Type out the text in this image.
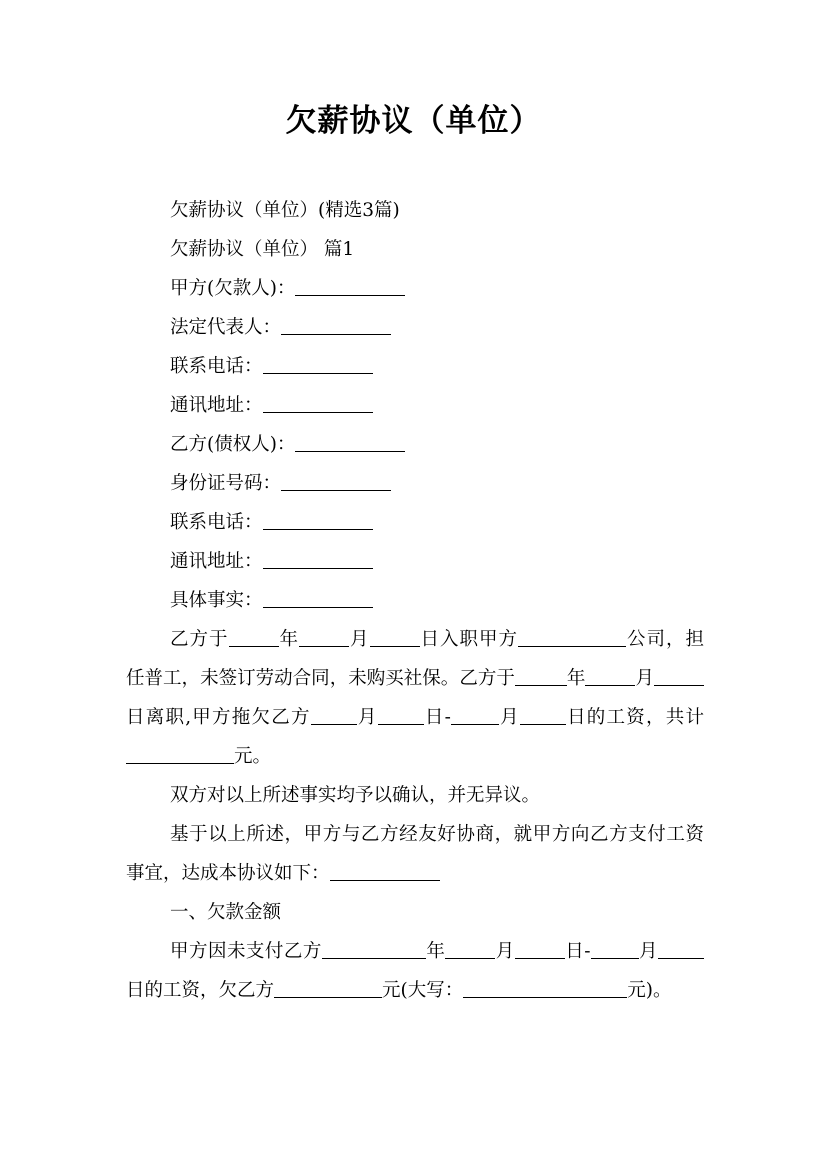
欠薪协议（单位）
欠薪协议（单位）(精选3篇)
欠薪协议（单位） 篇1
甲方(欠款人)：
法定代表人：
联系电话：
通讯地址：
乙方(债权人)：
身份证号码：
联系电话：
通讯地址：
具体事实：
乙方于	年	月	日入职甲方	公司，担任普工，未签订劳动合同，未购买社保。乙方于	年	月日离职,甲方拖欠乙方 月 日-	月 日的工资，共计元。
双方对以上所述事实均予以确认，并无异议。
基于以上所述，甲方与乙方经友好协商，就甲方向乙方支付工资事宜，达成本协议如下：
一、欠款金额
甲方因未支付乙方	年	月	日-	月日的工资，欠乙方	元(大写：	元)。
